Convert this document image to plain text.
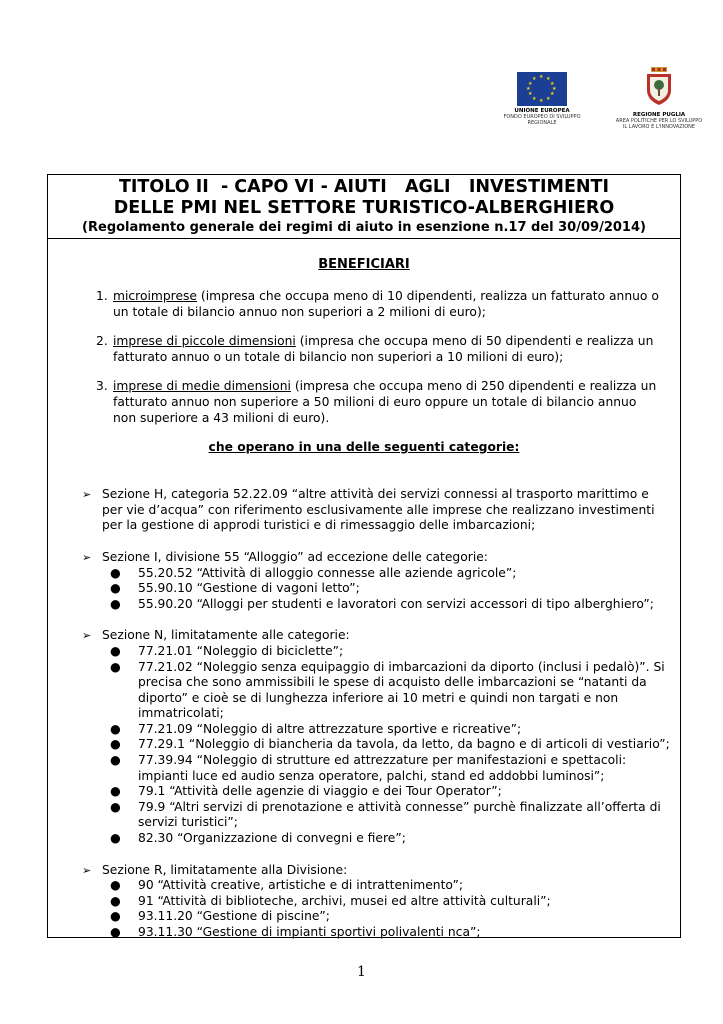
★ ★
★
★
★
★
★
★
★
★
★
★
UNIONE EUROPEA
FONDO EUROPEO DI SVILUPPO REGIONALE
REGIONE PUGLIA
AREA POLITICHE PER LO SVILUPPO
IL LAVORO E L'INNOVAZIONE
TITOLO II  - CAPO VI - AIUTI   AGLI   INVESTIMENTI
DELLE PMI NEL SETTORE TURISTICO-ALBERGHIERO
(Regolamento generale dei regimi di aiuto in esenzione n.17 del 30/09/2014)
BENEFICIARI
1. microimprese (impresa che occupa meno di 10 dipendenti, realizza un fatturato annuo o un totale di bilancio annuo non superiori a 2 milioni di euro);
2. imprese di piccole dimensioni (impresa che occupa meno di 50 dipendenti e realizza un fatturato annuo o un totale di bilancio non superiori a 10 milioni di euro);
3. imprese di medie dimensioni (impresa che occupa meno di 250 dipendenti e realizza un fatturato annuo non superiore a 50 milioni di euro oppure un totale di bilancio annuo non superiore a 43 milioni di euro).
che operano in una delle seguenti categorie:
➢ Sezione H, categoria 52.22.09 “altre attività dei servizi connessi al trasporto marittimo e per vie d’acqua” con riferimento esclusivamente alle imprese che realizzano investimenti per la gestione di approdi turistici e di rimessaggio delle imbarcazioni;
➢ Sezione I, divisione 55 “Alloggio” ad eccezione delle categorie:
● 55.20.52 “Attività di alloggio connesse alle aziende agricole”;
● 55.90.10 “Gestione di vagoni letto”;
● 55.90.20 “Alloggi per studenti e lavoratori con servizi accessori di tipo alberghiero”;
➢ Sezione N, limitatamente alle categorie:
● 77.21.01 “Noleggio di biciclette”;
● 77.21.02 “Noleggio senza equipaggio di imbarcazioni da diporto (inclusi i pedalò)”. Si precisa che sono ammissibili le spese di acquisto delle imbarcazioni se “natanti da diporto” e cioè se di lunghezza inferiore ai 10 metri e quindi non targati e non immatricolati;
● 77.21.09 “Noleggio di altre attrezzature sportive e ricreative”;
● 77.29.1 “Noleggio di biancheria da tavola, da letto, da bagno e di articoli di vestiario”;
● 77.39.94 “Noleggio di strutture ed attrezzature per manifestazioni e spettacoli: impianti luce ed audio senza operatore, palchi, stand ed addobbi luminosi”;
● 79.1 “Attività delle agenzie di viaggio e dei Tour Operator”;
● 79.9 “Altri servizi di prenotazione e attività connesse” purchè finalizzate all’offerta di servizi turistici”;
● 82.30 “Organizzazione di convegni e fiere”;
➢ Sezione R, limitatamente alla Divisione:
● 90 “Attività creative, artistiche e di intrattenimento”;
● 91 “Attività di biblioteche, archivi, musei ed altre attività culturali”;
● 93.11.20 “Gestione di piscine”;
● 93.11.30 “Gestione di impianti sportivi polivalenti nca”;
1
